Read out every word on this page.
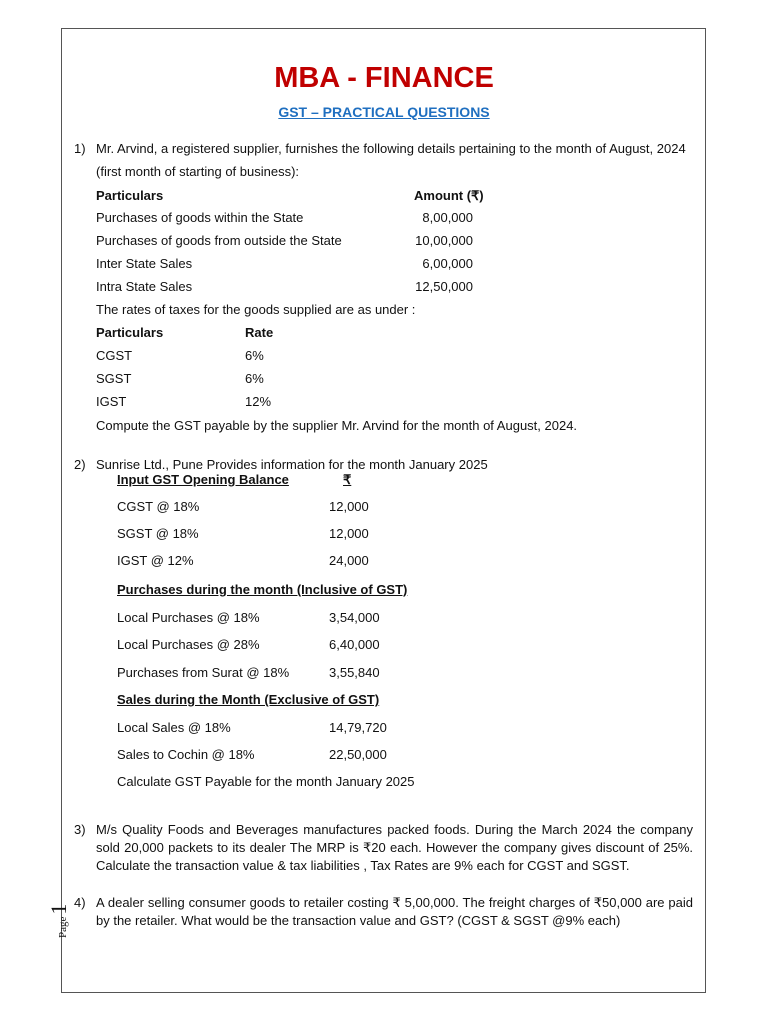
MBA - FINANCE
GST – PRACTICAL QUESTIONS
1) Mr. Arvind, a registered supplier, furnishes the following details pertaining to the month of August, 2024
(first month of starting of business):
Particulars	Amount (₹)
Purchases of goods within the State	8,00,000
Purchases of goods from outside the State	10,00,000
Inter State Sales	6,00,000
Intra State Sales	12,50,000
The rates of taxes for the goods supplied are as under :
Particulars	Rate
CGST	6%
SGST	6%
IGST	12%
Compute the GST payable by the supplier Mr. Arvind for the month of August, 2024.
2) Sunrise Ltd., Pune Provides information for the month January 2025
Input GST Opening Balance	₹
CGST @ 18%	12,000
SGST @ 18%	12,000
IGST @ 12%	24,000
Purchases during the month (Inclusive of GST)
Local Purchases @ 18%	3,54,000
Local Purchases @ 28%	6,40,000
Purchases from Surat @ 18%	3,55,840
Sales during the Month (Exclusive of GST)
Local Sales @ 18%	14,79,720
Sales to Cochin @ 18%	22,50,000
Calculate GST Payable for the month January 2025
3) M/s Quality Foods and Beverages manufactures packed foods. During the March 2024 the company sold 20,000 packets to its dealer The MRP is ₹20 each. However the company gives discount of 25%. Calculate the transaction value & tax liabilities , Tax Rates are 9% each for CGST and SGST.
4) A dealer selling consumer goods to retailer costing ₹ 5,00,000. The freight charges of ₹50,000 are paid by the retailer. What would be the transaction value and GST? (CGST & SGST @9% each)
Page1
